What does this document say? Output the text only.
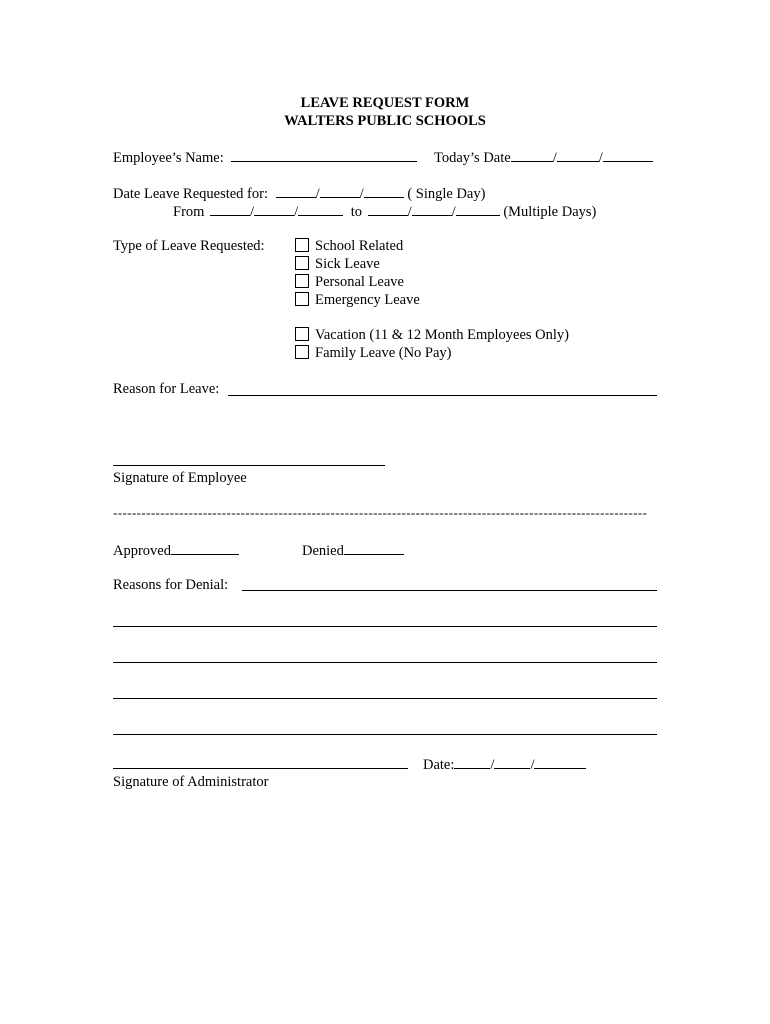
LEAVE REQUEST FORM
WALTERS PUBLIC SCHOOLS
Employee’s Name:	Today’s Date	/	/
Date Leave Requested for:	/	/	( Single Day)
From	/	/	to	/	/	(Multiple Days)
Type of Leave Requested:	School Related
Sick Leave
Personal Leave
Emergency Leave
Vacation (11 & 12 Month Employees Only)
Family Leave (No Pay)
Reason for Leave:
Signature of Employee
-----------------------------------------------------------------------------------------------------------------
Approved	Denied
Reasons for Denial:
Signature of Administrator
Date: / /
